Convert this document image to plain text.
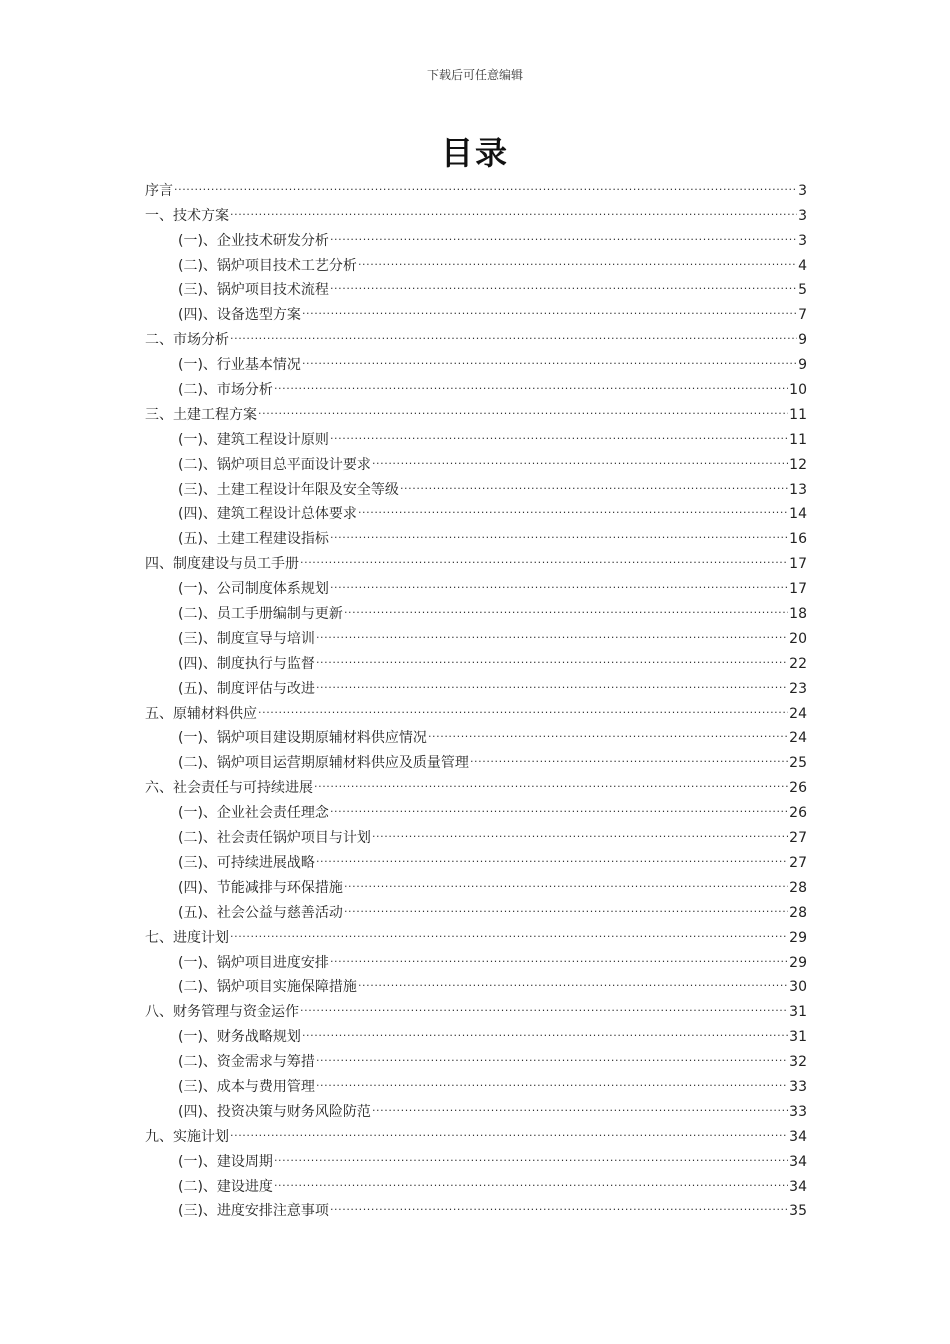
下载后可任意编辑
目录
序言 .....	3
一、技术方案 .....	3
(一)、企业技术研发分析 .....	3
(二)、锅炉项目技术工艺分析 .....	4
(三)、锅炉项目技术流程 .....	5
(四)、设备选型方案 .....	7
二、市场分析 .....	9
(一)、行业基本情况 .....	9
(二)、市场分析 .....	10
三、土建工程方案 .....	11
(一)、建筑工程设计原则 .....	11
(二)、锅炉项目总平面设计要求 .....	12
(三)、土建工程设计年限及安全等级 .....	13
(四)、建筑工程设计总体要求 .....	14
(五)、土建工程建设指标 .....	16
四、制度建设与员工手册 .....	17
(一)、公司制度体系规划 .....	17
(二)、员工手册编制与更新 .....	18
(三)、制度宣导与培训 .....	20
(四)、制度执行与监督 .....	22
(五)、制度评估与改进 .....	23
五、原辅材料供应 .....	24
(一)、锅炉项目建设期原辅材料供应情况 .....	24
(二)、锅炉项目运营期原辅材料供应及质量管理 .....	25
六、社会责任与可持续进展 .....	26
(一)、企业社会责任理念 .....	26
(二)、社会责任锅炉项目与计划 .....	27
(三)、可持续进展战略 .....	27
(四)、节能减排与环保措施 .....	28
(五)、社会公益与慈善活动 .....	28
七、进度计划 .....	29
(一)、锅炉项目进度安排 .....	29
(二)、锅炉项目实施保障措施 .....	30
八、财务管理与资金运作 .....	31
(一)、财务战略规划 .....	31
(二)、资金需求与筹措 .....	32
(三)、成本与费用管理 .....	33
(四)、投资决策与财务风险防范 .....	33
九、实施计划 .....	34
(一)、建设周期 .....	34
(二)、建设进度 .....	34
(三)、进度安排注意事项 .....	35
